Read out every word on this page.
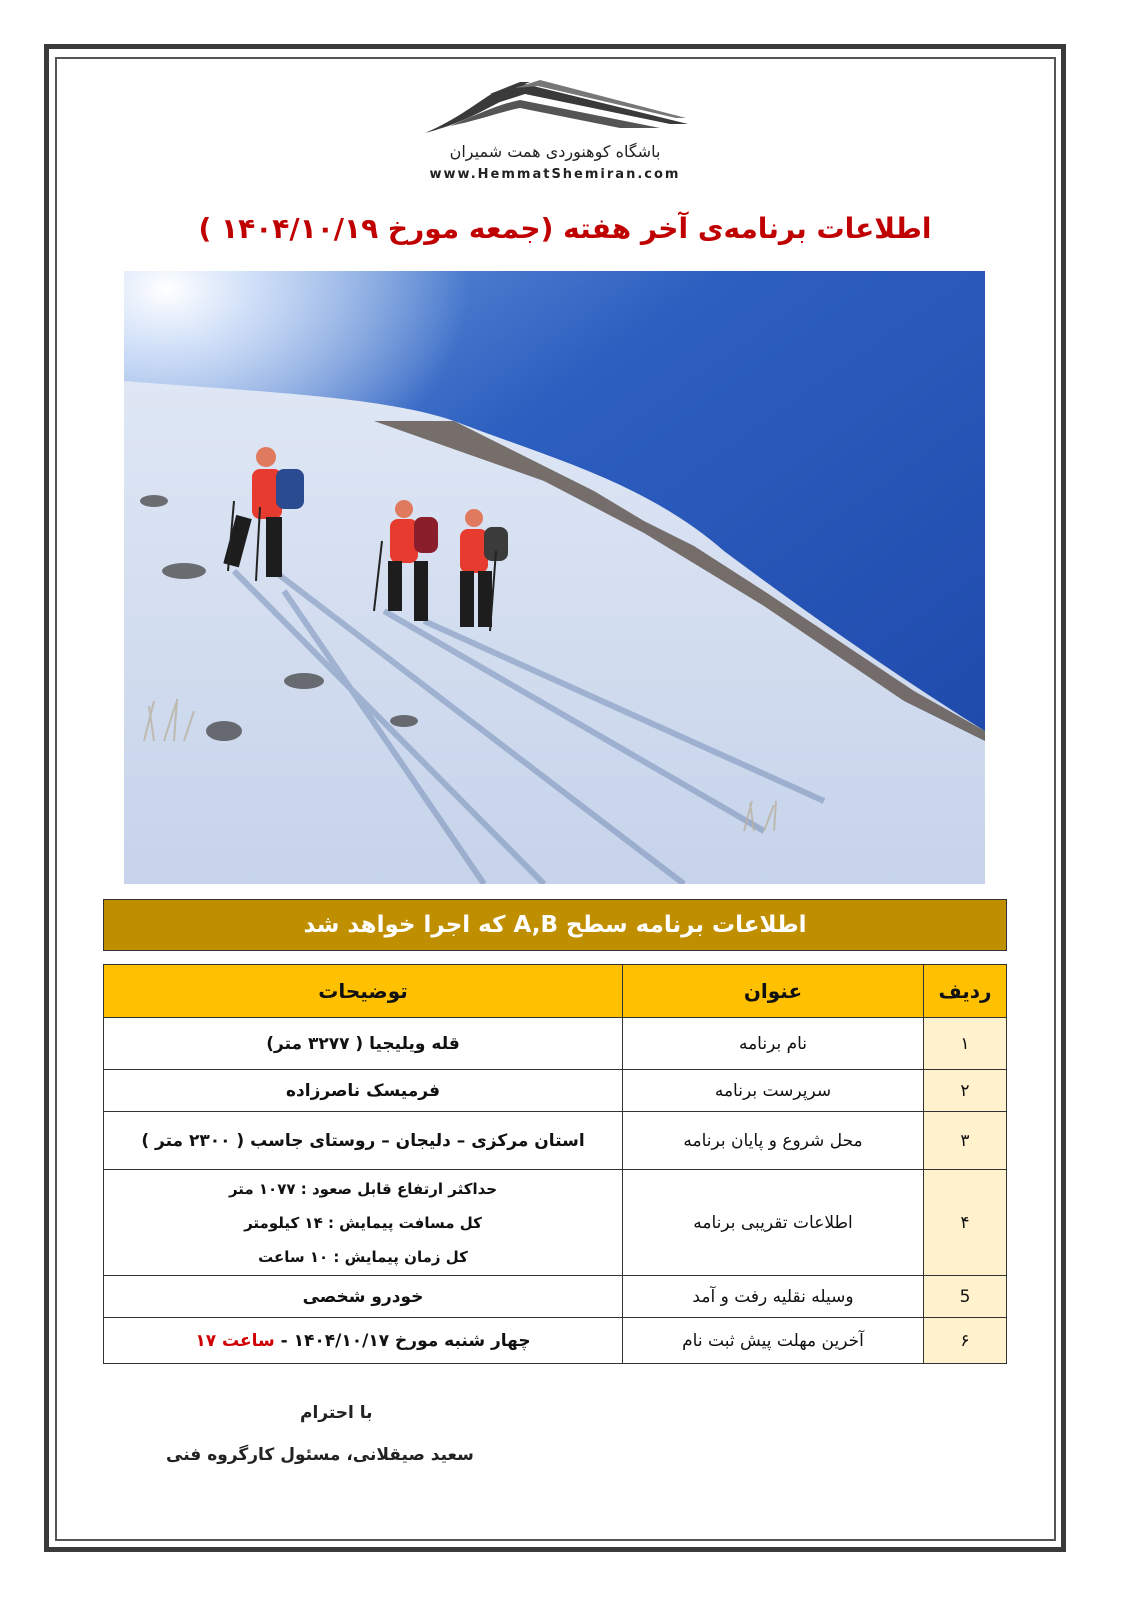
باشگاه کوهنوردی همت شمیران
www.HemmatShemiran.com
اطلاعات برنامه‌ی آخر هفته (جمعه مورخ ۱۴۰۴/۱۰/۱۹ )
اطلاعات برنامه سطح A,B که اجرا خواهد شد
ردیف	عنوان	توضیحات
۱	نام برنامه	قله ویلیجیا ( ۳۲۷۷ متر)
۲	سرپرست برنامه	فرمیسک ناصرزاده
۳	محل شروع و پایان برنامه	استان مرکزی – دلیجان – روستای جاسب ( ۲۳۰۰ متر )
۴	اطلاعات تقریبی برنامه	حداکثر ارتفاع قابل صعود : ۱۰۷۷ متر
کل مسافت پیمایش : ۱۴ کیلومتر
کل زمان پیمایش : ۱۰ ساعت

5	وسیله نقلیه رفت و آمد	خودرو شخصی
۶	آخرین مهلت پیش ثبت نام	چهار شنبه مورخ ۱۴۰۴/۱۰/۱۷ - ساعت ۱۷
با احترام
سعید صیقلانی، مسئول کارگروه فنی
